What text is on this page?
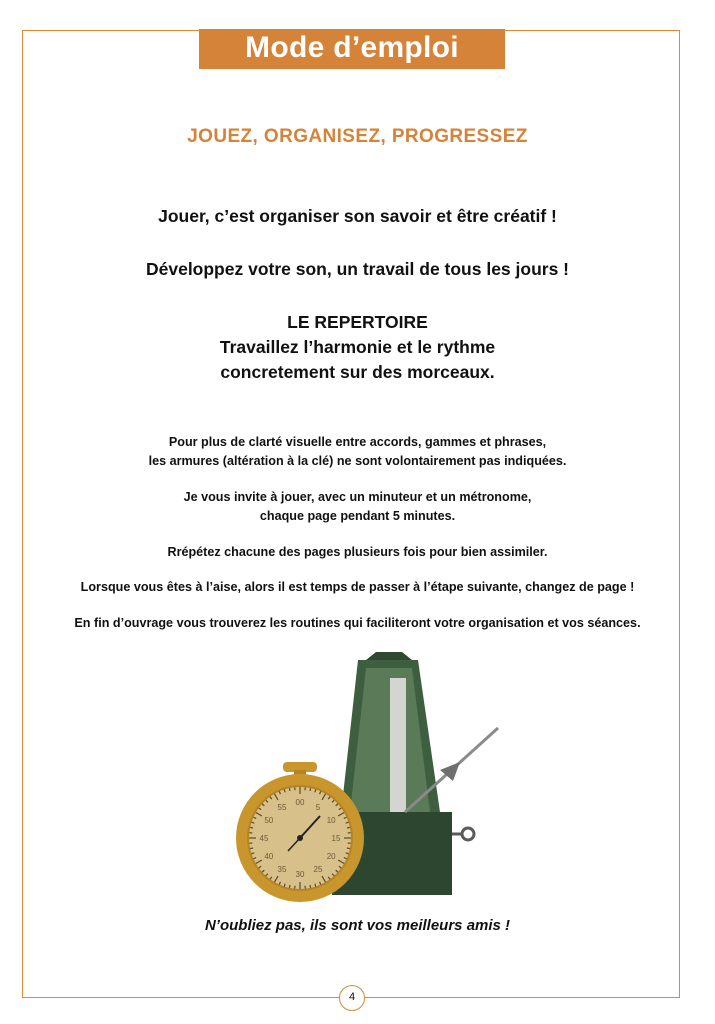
Mode d’emploi
JOUEZ, ORGANISEZ, PROGRESSEZ
Jouer, c’est organiser son savoir et être créatif !
Développez votre son, un travail de tous les jours !
LE REPERTOIRE
Travaillez l’harmonie et le rythme
concretement sur des morceaux.
Pour plus de clarté visuelle entre accords, gammes et phrases,
les armures (altération à la clé) ne sont volontairement pas indiquées.
Je vous invite à jouer, avec un minuteur et un métronome,
chaque page pendant 5 minutes.
Rrépétez chacune des pages plusieurs fois pour bien assimiler.
Lorsque vous êtes à l’aise, alors il est temps de passer à l’étape suivante, changez de page !
En fin d’ouvrage vous trouverez les routines qui faciliteront votre organisation et vos séances.
55
00
5
10
15
20
25
30
35
40
45
50
N’oubliez pas, ils sont vos meilleurs amis !
4
